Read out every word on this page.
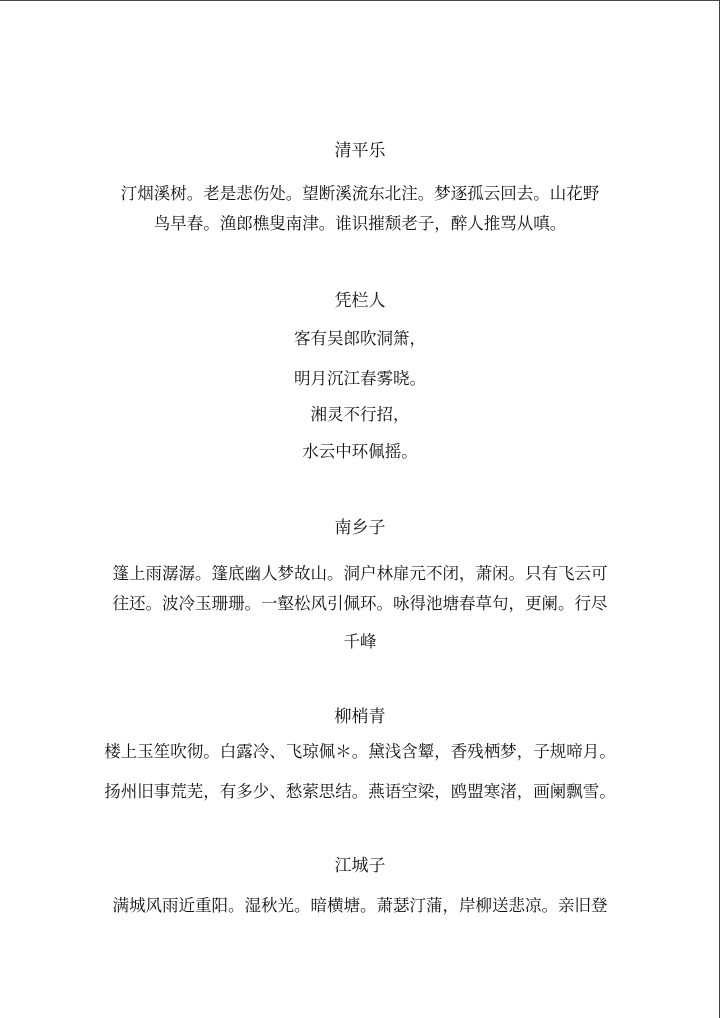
清平乐
汀烟溪树。老是悲伤处。望断溪流东北注。梦逐孤云回去。山花野
鸟早春。渔郎樵叟南津。谁识摧颓老子，醉人推骂从嗔。
凭栏人
客有吴郎吹洞箫，
明月沉江春雾晓。
湘灵不行招，
水云中环佩摇。
南乡子
篷上雨潺潺。篷底幽人梦故山。洞户林扉元不闭，萧闲。只有飞云可
往还。波冷玉珊珊。一壑松风引佩环。咏得池塘春草句，更阑。行尽
千峰
柳梢青
楼上玉笙吹彻。白露冷、飞琼佩＊。黛浅含颦，香残栖梦，子规啼月。
扬州旧事荒芜，有多少、愁萦思结。燕语空梁，鸥盟寒渚，画阑飘雪。
江城子
满城风雨近重阳。湿秋光。暗横塘。萧瑟汀蒲，岸柳送悲凉。亲旧登
